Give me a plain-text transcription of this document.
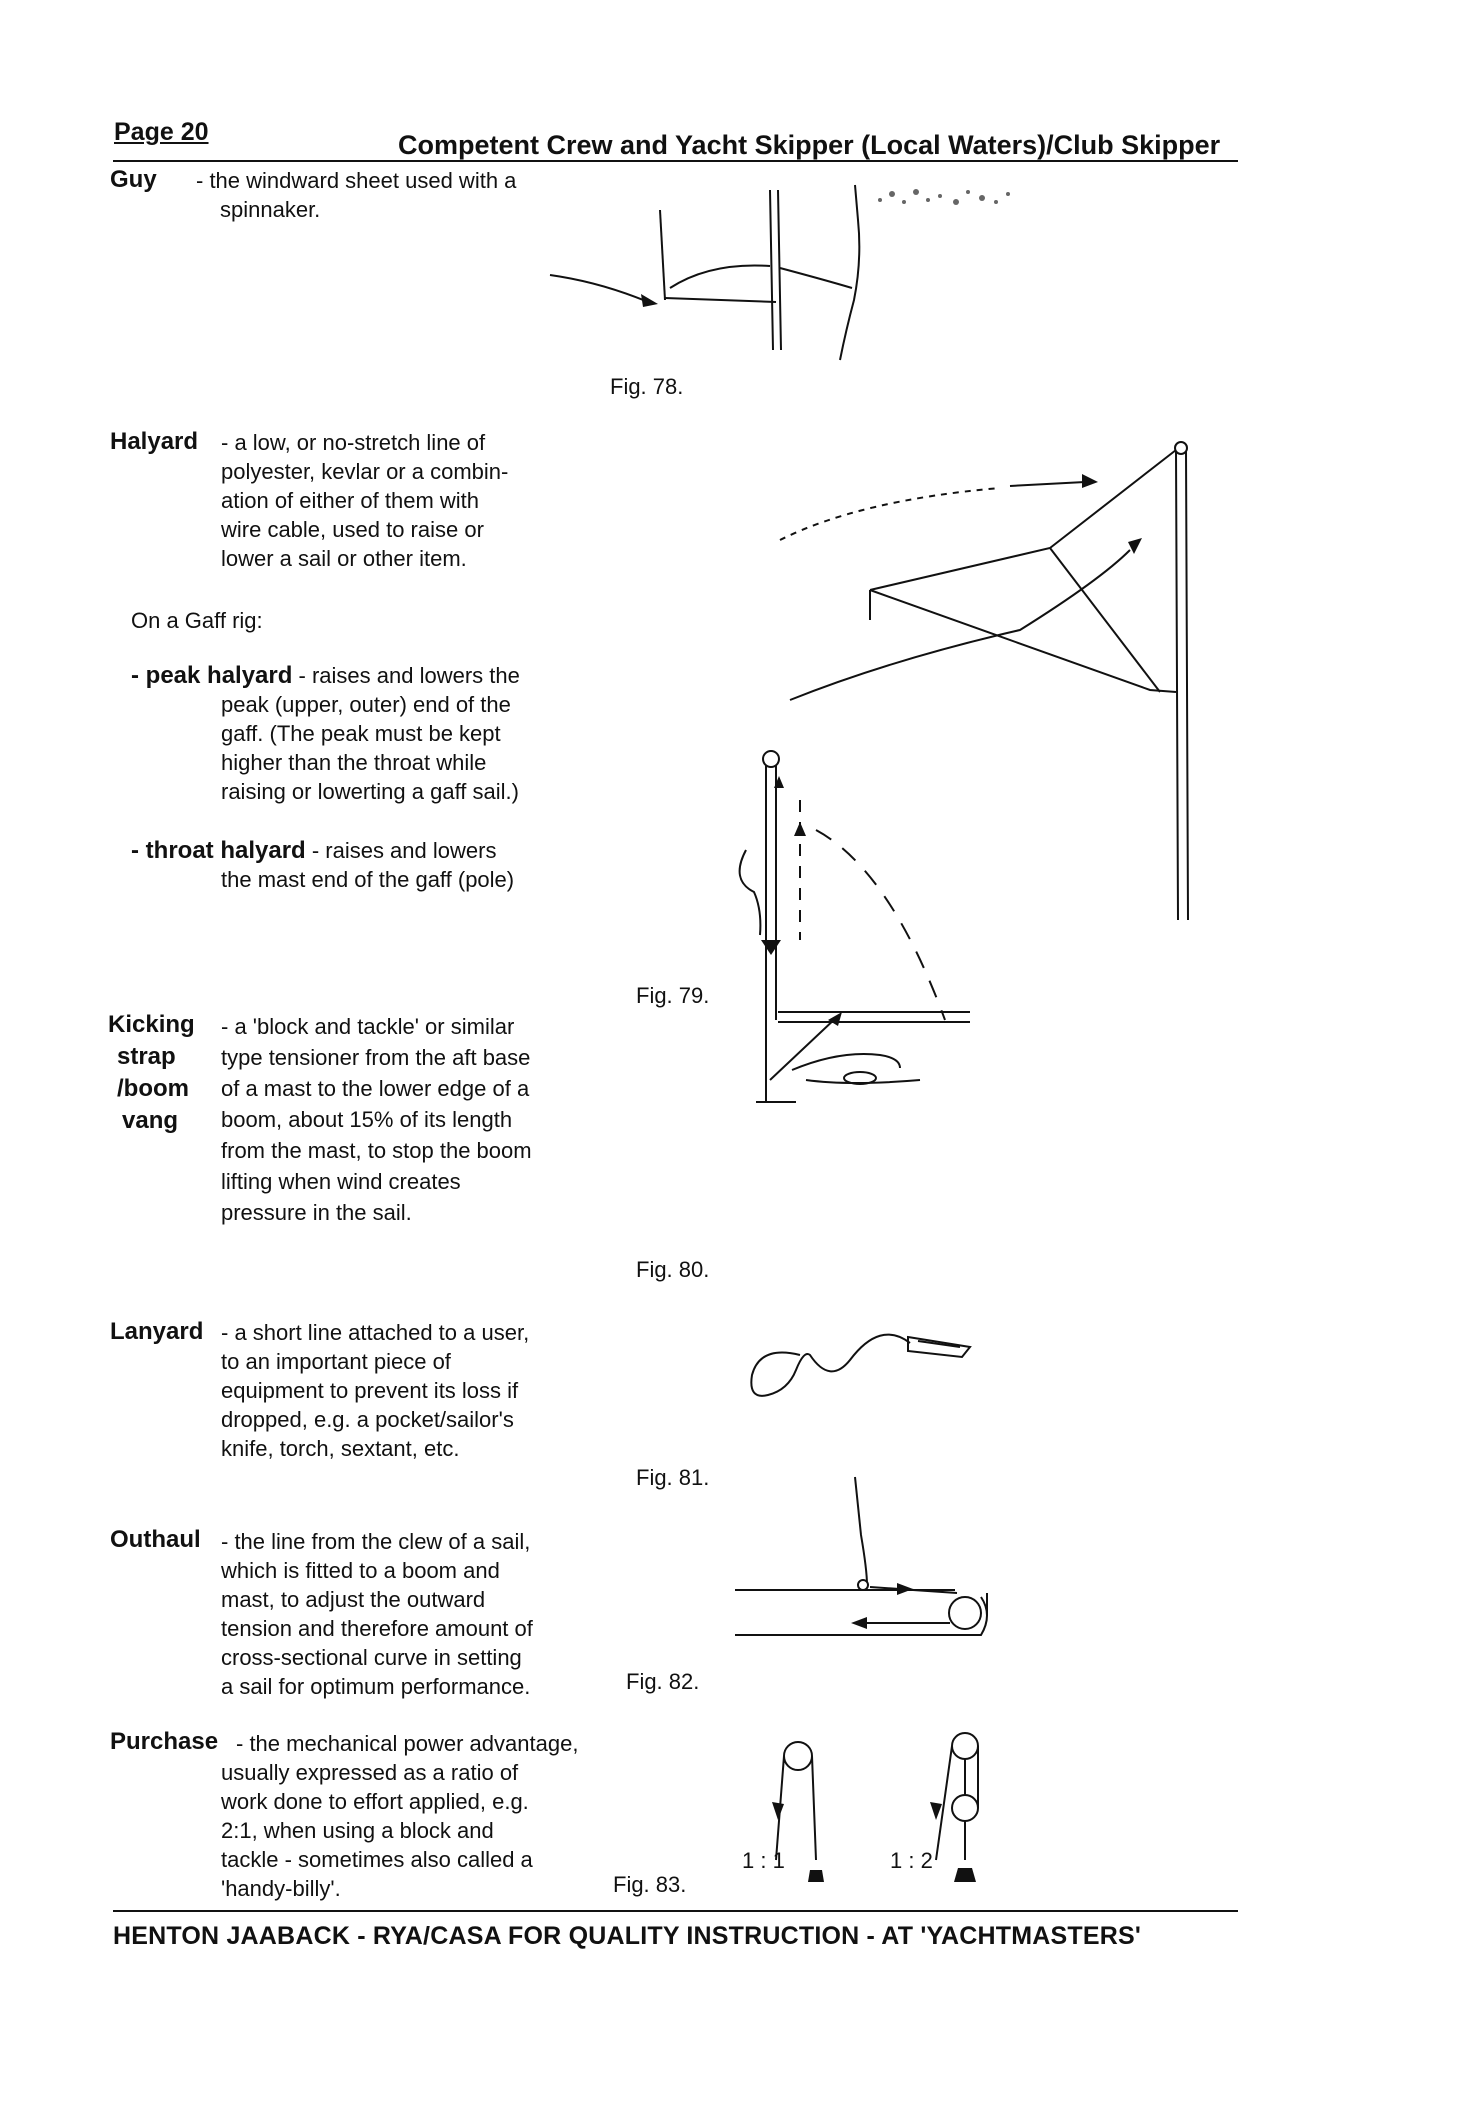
Page 20	Competent Crew and Yacht Skipper (Local Waters)/Club Skipper
Guy - the windward sheet used with a
spinnaker.
Halyard - a low, or no-stretch line of
polyester, kevlar or a combin-
ation of either of them with
wire cable, used to raise or
lower a sail or other item.
On a Gaff rig:
- peak halyard - raises and lowers the
peak (upper, outer) end of the
gaff. (The peak must be kept
higher than the throat while
raising or lowerting a gaff sail.)
- throat halyard - raises and lowers
the mast end of the gaff (pole)
Kicking
strap
/boom
vang
- a 'block and tackle' or similar
type tensioner from the aft base
of a mast to the lower edge of a
boom, about 15% of its length
from the mast, to stop the boom
lifting when wind creates
pressure in the sail.
Lanyard - a short line attached to a user,
to an important piece of
equipment to prevent its loss if
dropped, e.g. a pocket/sailor's
knife, torch, sextant, etc.
Outhaul - the line from the clew of a sail,
which is fitted to a boom and
mast, to adjust the outward
tension and therefore amount of
cross-sectional curve in setting
a sail for optimum performance.
Purchase - the mechanical power advantage,
usually expressed as a ratio of
work done to effort applied, e.g.
2:1, when using a block and
tackle - sometimes also called a
'handy-billy'.
Fig. 78.
Fig. 79.
Fig. 80.
Fig. 81.
Fig. 82.
Fig. 83.
1 : 1	1 : 2
HENTON JAABACK - RYA/CASA FOR QUALITY INSTRUCTION - AT 'YACHTMASTERS'
